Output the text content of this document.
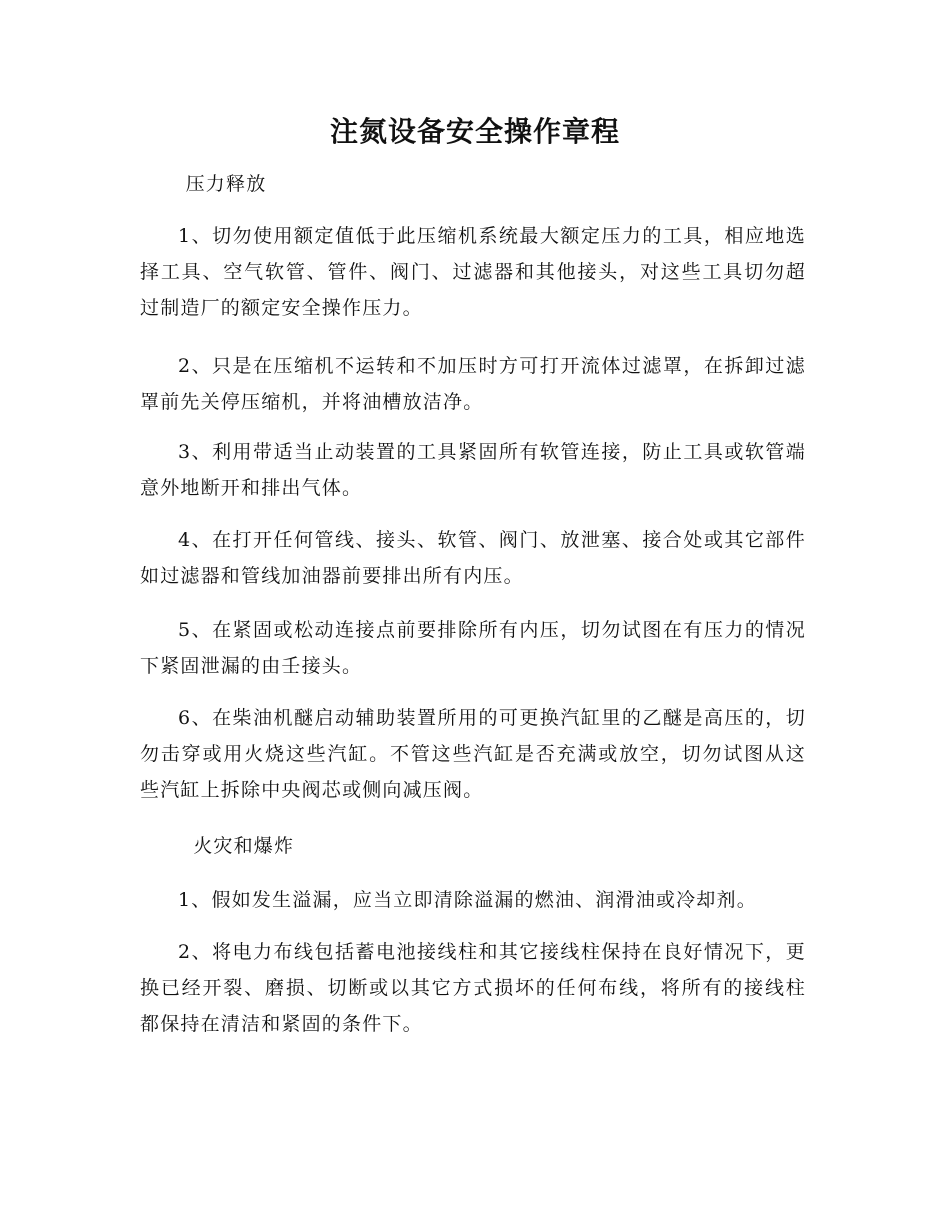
注氮设备安全操作章程
压力释放
1、切勿使用额定值低于此压缩机系统最大额定压力的工具，相应地选择工具、空气软管、管件、阀门、过滤器和其他接头，对这些工具切勿超过制造厂的额定安全操作压力。
2、只是在压缩机不运转和不加压时方可打开流体过滤罩，在拆卸过滤罩前先关停压缩机，并将油槽放洁净。
3、利用带适当止动装置的工具紧固所有软管连接，防止工具或软管端意外地断开和排出气体。
4、在打开任何管线、接头、软管、阀门、放泄塞、接合处或其它部件如过滤器和管线加油器前要排出所有内压。
5、在紧固或松动连接点前要排除所有内压，切勿试图在有压力的情况下紧固泄漏的由壬接头。
6、在柴油机醚启动辅助装置所用的可更换汽缸里的乙醚是高压的，切勿击穿或用火烧这些汽缸。不管这些汽缸是否充满或放空，切勿试图从这些汽缸上拆除中央阀芯或侧向减压阀。
火灾和爆炸
1、假如发生溢漏，应当立即清除溢漏的燃油、润滑油或冷却剂。
2、将电力布线包括蓄电池接线柱和其它接线柱保持在良好情况下，更换已经开裂、磨损、切断或以其它方式损坏的任何布线，将所有的接线柱都保持在清洁和紧固的条件下。
